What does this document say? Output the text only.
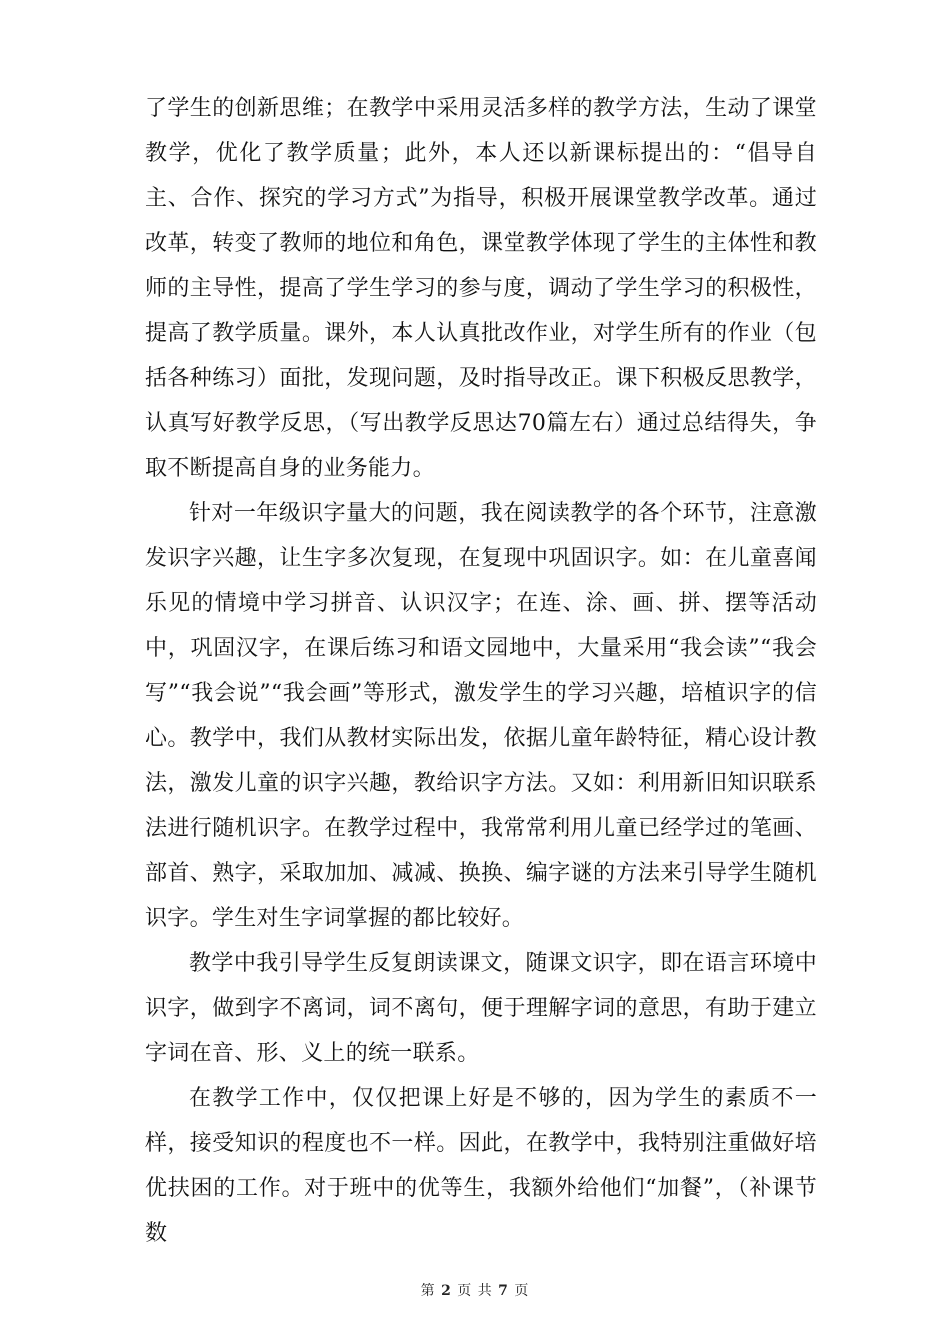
了学生的创新思维；在教学中采用灵活多样的教学方法，生动了课堂教学，优化了教学质量；此外，本人还以新课标提出的：“倡导自主、合作、探究的学习方式”为指导，积极开展课堂教学改革。通过改革，转变了教师的地位和角色，课堂教学体现了学生的主体性和教师的主导性，提高了学生学习的参与度，调动了学生学习的积极性，提高了教学质量。课外，本人认真批改作业，对学生所有的作业（包括各种练习）面批，发现问题，及时指导改正。课下积极反思教学，认真写好教学反思，（写出教学反思达70篇左右）通过总结得失，争取不断提高自身的业务能力。

针对一年级识字量大的问题，我在阅读教学的各个环节，注意激发识字兴趣，让生字多次复现，在复现中巩固识字。如：在儿童喜闻乐见的情境中学习拼音、认识汉字；在连、涂、画、拼、摆等活动中，巩固汉字，在课后练习和语文园地中，大量采用“我会读”“我会写”“我会说”“我会画”等形式，激发学生的学习兴趣，培植识字的信心。教学中，我们从教材实际出发，依据儿童年龄特征，精心设计教法，激发儿童的识字兴趣，教给识字方法。又如：利用新旧知识联系法进行随机识字。在教学过程中，我常常利用儿童已经学过的笔画、部首、熟字，采取加加、减减、换换、编字谜的方法来引导学生随机识字。学生对生字词掌握的都比较好。

教学中我引导学生反复朗读课文，随课文识字，即在语言环境中识字，做到字不离词，词不离句，便于理解字词的意思，有助于建立字词在音、形、义上的统一联系。

在教学工作中，仅仅把课上好是不够的，因为学生的素质不一样，接受知识的程度也不一样。因此，在教学中，我特别注重做好培优扶困的工作。对于班中的优等生，我额外给他们“加餐”，（补课节数

第 2 页 共 7 页
